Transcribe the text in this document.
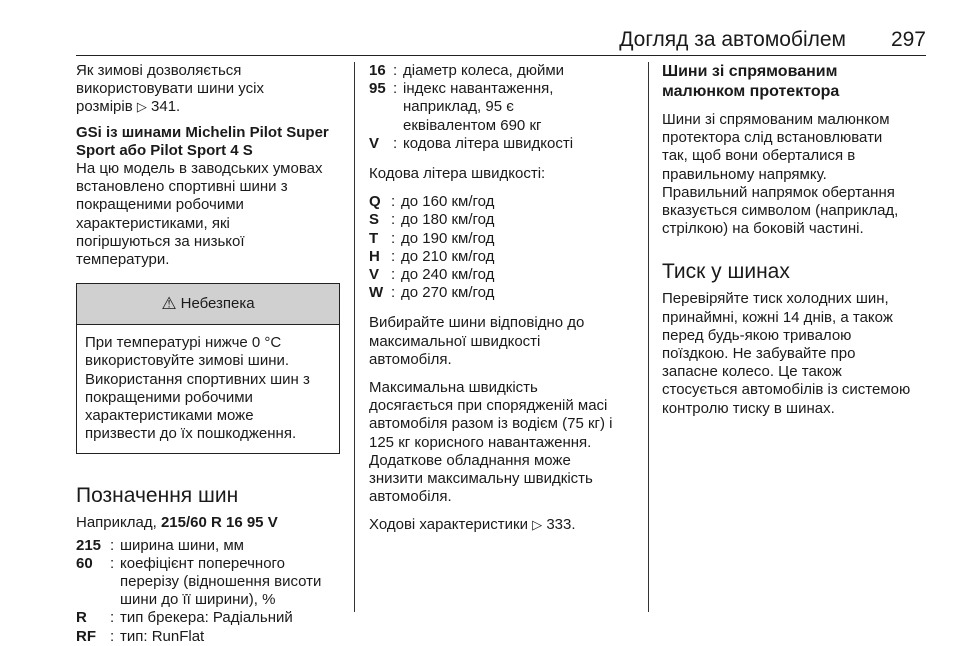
Догляд за автомобілем 297
Як зимові дозволяється
використовувати шини усіх
розмірів ▷ 341.
GSi із шинами Michelin Pilot Super
Sport або Pilot Sport 4 S
На цю модель в заводських умовах
встановлено спортивні шини з
покращеними робочими
характеристиками, які
погіршуються за низької
температури.
⚠ Небезпека
При температурі нижче 0 °C
використовуйте зимові шини.
Використання спортивних шин з
покращеними робочими
характеристиками може
призвести до їх пошкодження.
Позначення шин
Наприклад, 215/60 R 16 95 V
215 : ширина шини, мм
60	: коефіцієнт поперечного
перерізу (відношення висоти
шини до її ширини), %
R	: тип брекера: Радіальний
RF : тип: RunFlat
16 : діаметр колеса, дюйми
95 : індекс навантаження,
наприклад, 95 є
еквівалентом 690 кг
V : кодова літера швидкості
Кодова літера швидкості:
Q : до 160 км/год
S : до 180 км/год
T : до 190 км/год
H : до 210 км/год
V : до 240 км/год
W : до 270 км/год
Вибирайте шини відповідно до
максимальної швидкості
автомобіля.
Максимальна швидкість
досягається при спорядженій масі
автомобіля разом із водієм (75 кг) і
125 кг корисного навантаження.
Додаткове обладнання може
знизити максимальну швидкість
автомобіля.
Ходові характеристики ▷ 333.
Шини зі спрямованим
малюнком протектора
Шини зі спрямованим малюнком
протектора слід встановлювати
так, щоб вони оберталися в
правильному напрямку.
Правильний напрямок обертання
вказується символом (наприклад,
стрілкою) на боковій частині.
Тиск у шинах
Перевіряйте тиск холодних шин,
принаймні, кожні 14 днів, а також
перед будь-якою тривалою
поїздкою. Не забувайте про
запасне колесо. Це також
стосується автомобілів із системою
контролю тиску в шинах.
